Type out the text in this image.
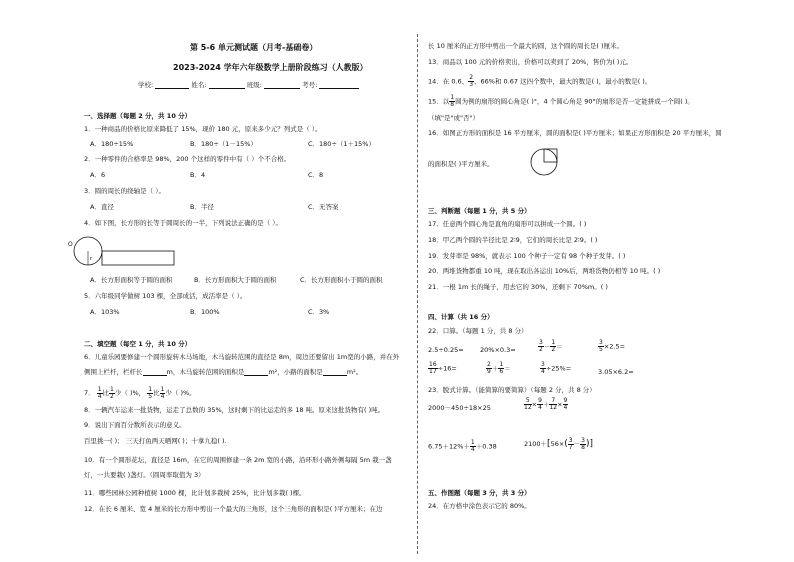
第 5-6 单元测试题（月考-基础卷）
2023-2024 学年六年级数学上册阶段练习（人教版）
学校:	姓名:	班级:	考号:
一、选择题（每题 2 分，共 10 分）
1．一种商品的价格比原来降低了 15%，现价 180 元，原来多少元？列式是（ ）。
A．180÷15%	B．180÷（1－15%）	C．180÷（1＋15%）
2．一种零件的合格率是 98%，200 个这样的零件中有（ ）个不合格。
A．6	B．4	C．8
3．圆的周长的绕轴是（ ）。
A．直径	B．半径	C．无答案
4．如下图，长方形的长等于圆周长的一半，下列说法正确的是（ ）。
O
r
A．长方形面积等于圆的面积	B．长方形面积大于圆的面积	C．长方形面积小于圆的面积
5．六年级同学做树 103 棵，全部成活，成活率是（ ）。
A．103%	B．100%	C．3%
二、填空题（每空 1 分，共 10 分）
6．儿童乐园要修建一个圆形旋转木马场地，木马旋转范围的直径是 8m，周边还要留出 1m宽的小路，并在外
侧围上栏杆，栏杆长	m，木马旋转范围的面积是	m²，小路的面积是	m²。
7． $\frac{1}{4}$ 比 $\frac{1}{2}$ 少（ )%， $\frac{1}{5}$ 比 $\frac{1}{4}$ 少（ )%。
8．一辆汽车运来一批货物，运走了总数的 35%，这时剩下的比运走的多 18 吨。原来这批货物有( )吨。
9．说出下面百分数所表示的意义。
百里挑一( )； 三天打鱼两天晒网( )；十拿九稳( ).
10．有一个圆形花坛，直径是 16m，在它的周围修建一条 2m 宽的小路，沿环形小路外侧每隔 5m 栽一盏
灯，一共要栽( )盏灯。（圆周率取值为 3）
11．哪些园林公园种植树 1000 棵，比计划多栽树 25%，比计划多栽( )棵。
12．在长 6 厘米、宽 4 厘米的长方形中剪出一个最大的三角形，这个三角形的面积是( )平方厘米；在边
长 10 厘米的正方形中剪出一个最大的圆，这个圆的周长是( )厘米。
13．商品以 100 元的价格卖出，价格可以卖到了 20%，售价为( )元。
14．在 0.6、 $\frac{2}{3}$ 、66%和 0.67 这四个数中，最大的数是( )，最小的数是( )。
15．以 $\frac{1}{8}$ 圆为例的扇形的圆心角是( )°，4 个圆心角是 90°的扇形是否一定能拼成一个圆( )。
（填"是"或"否"）
16．如图正方形的面积是 16 平方厘米，圆的面积是( )平方厘米；如果正方形面积是 20 平方厘米，圆
的面积是( )平方厘米。
三、判断题（每题 1 分，共 5 分）
17．任意两个圆心角是直角的扇形可以拼成一个圆。( )
18．甲乙两个圆的半径比是 2∶9，它们的周长比是 2∶9。( )
19．发芽率是 98%，就表示 100 个种子一定有 98 个种子发芽。( )
20．两堆货物都重 10 吨，现在取出各运出 10%后，两堆货物仍相等 10 吨。( )
21．一根 1m 长的绳子，用去它的 30%，还剩下 70%m。( )
四、计算（共 16 分）
22．口算。（每题 1 分，共 8 分）
2.5÷0.25=	20%×0.3=	$\frac{3}{2} - \frac{1}{2}$ ＝	$\frac{3}{5} \times 2.5=$
$\frac{16}{17} \div 16=$	$\frac{2}{9} + \frac{1}{6}$ ＝	$\frac{3}{4} \div 25\%=$	3.05×6.2=
23．脱式计算。（能简算的要简算）（每题 2 分，共 8 分）
2000－450÷18×25	$\frac{5}{12} \times \frac{9}{4} + \frac{7}{12} \times \frac{9}{4}$
$6.75+12\%+ \frac{1}{4} +0.38$	$2100+[56\times( \frac{3}{7} - \frac{3}{8}$ )]
五、作图题（每题 3 分，共 3 分）
24．在方格中涂色表示它的 80%。
